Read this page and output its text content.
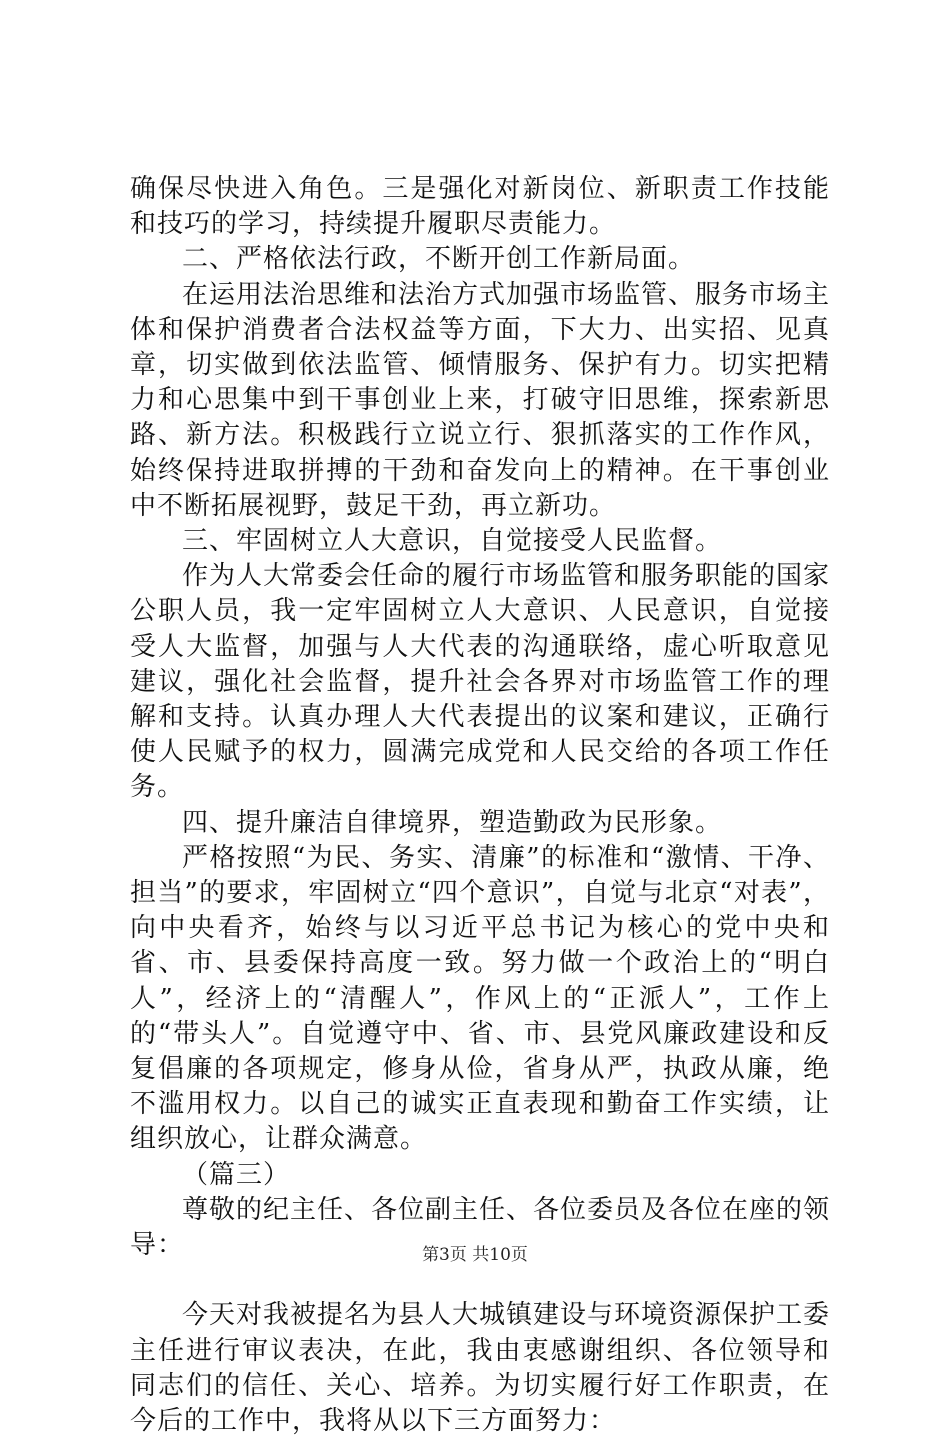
确保尽快进入角色。三是强化对新岗位、新职责工作技能和技巧的学习，持续提升履职尽责能力。

二、严格依法行政，不断开创工作新局面。

在运用法治思维和法治方式加强市场监管、服务市场主体和保护消费者合法权益等方面，下大力、出实招、见真章，切实做到依法监管、倾情服务、保护有力。切实把精力和心思集中到干事创业上来，打破守旧思维，探索新思路、新方法。积极践行立说立行、狠抓落实的工作作风，始终保持进取拼搏的干劲和奋发向上的精神。在干事创业中不断拓展视野，鼓足干劲，再立新功。

三、牢固树立人大意识，自觉接受人民监督。

作为人大常委会任命的履行市场监管和服务职能的国家公职人员，我一定牢固树立人大意识、人民意识，自觉接受人大监督，加强与人大代表的沟通联络，虚心听取意见建议，强化社会监督，提升社会各界对市场监管工作的理解和支持。认真办理人大代表提出的议案和建议，正确行使人民赋予的权力，圆满完成党和人民交给的各项工作任务。

四、提升廉洁自律境界，塑造勤政为民形象。

严格按照“为民、务实、清廉”的标准和“激情、干净、担当”的要求，牢固树立“四个意识”，自觉与北京“对表”，向中央看齐，始终与以习近平总书记为核心的党中央和省、市、县委保持高度一致。努力做一个政治上的“明白人”，经济上的“清醒人”，作风上的“正派人”，工作上的“带头人”。自觉遵守中、省、市、县党风廉政建设和反复倡廉的各项规定，修身从俭，省身从严，执政从廉，绝不滥用权力。以自己的诚实正直表现和勤奋工作实绩，让组织放心，让群众满意。

（篇三）

尊敬的纪主任、各位副主任、各位委员及各位在座的领导：

今天对我被提名为县人大城镇建设与环境资源保护工委主任进行审议表决，在此，我由衷感谢组织、各位领导和同志们的信任、关心、培养。为切实履行好工作职责，在今后的工作中，我将从以下三方面努力：

第3页 共10页
